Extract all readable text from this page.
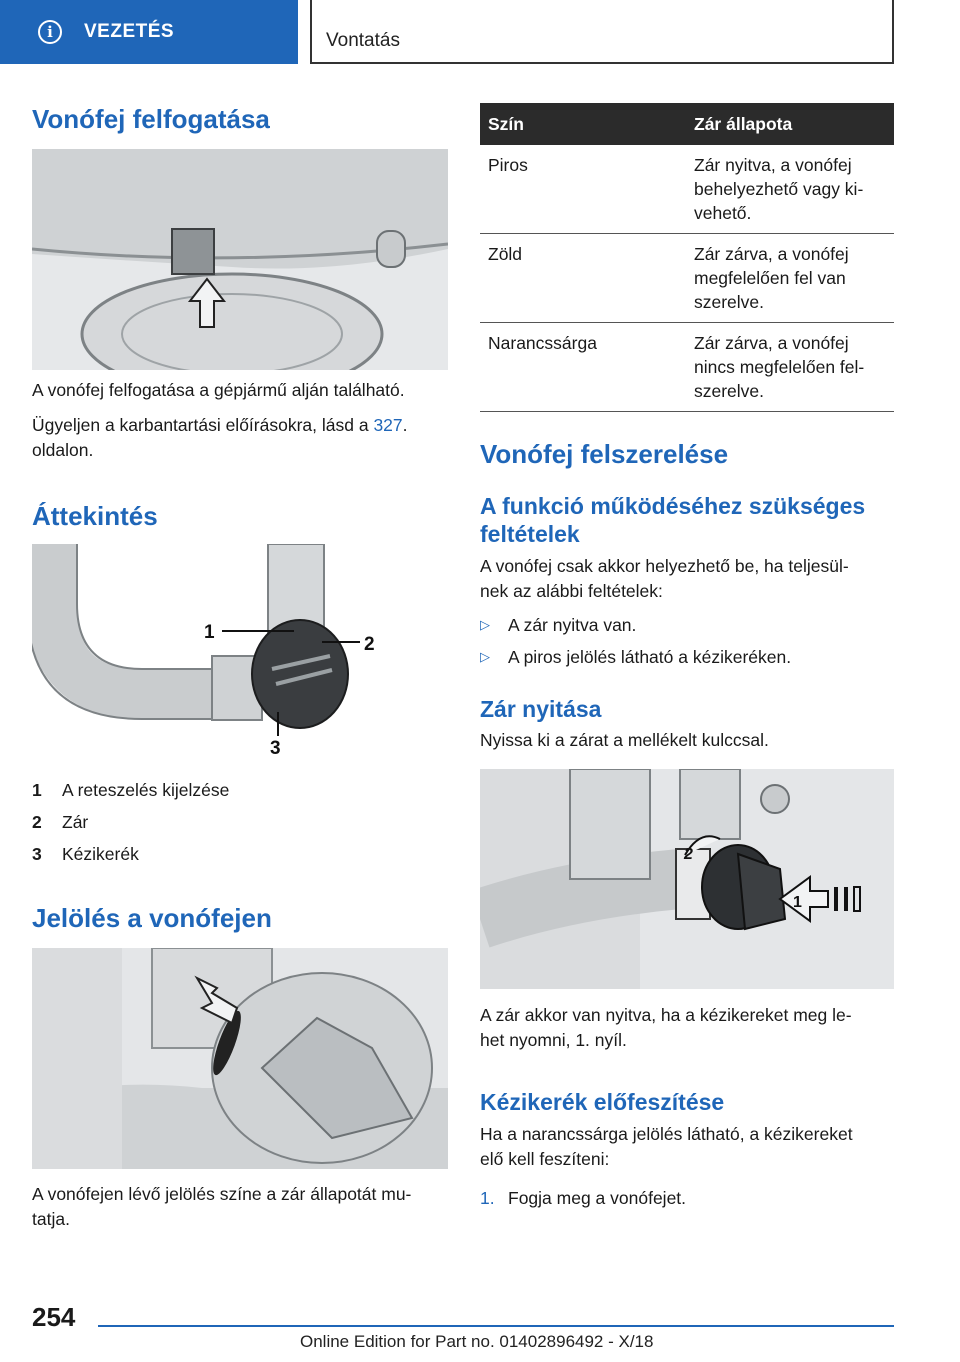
i	VEZETÉS	Vontatás
Vonófej felfogatása
A vonófej felfogatása a gépjármű alján található.
Ügyeljen a karbantartási előírásokra, lásd a 327.
oldalon.
Áttekintés
1
2
3
1	A reteszelés kijelzése
2	Zár
3	Kézikerék
Jelölés a vonófejen
A vonófejen lévő jelölés színe a zár állapotát mu-
tatja.
Szín	Zár állapota
Piros	Zár nyitva, a vonófej
behelyezhető vagy ki-
vehető.

Zöld	Zár zárva, a vonófej
megfelelően fel van
szerelve.

Narancssárga	Zár zárva, a vonófej
nincs megfelelően fel-
szerelve.
Vonófej felszerelése
A funkció működéséhez szükséges
feltételek
A vonófej csak akkor helyezhető be, ha teljesül-
nek az alábbi feltételek:
▷	A zár nyitva van.
▷	A piros jelölés látható a kézikeréken.
Zár nyitása
Nyissa ki a zárat a mellékelt kulccsal.
2
1
A zár akkor van nyitva, ha a kézikereket meg le-
het nyomni, 1. nyíl.
Kézikerék előfeszítése
Ha a narancssárga jelölés látható, a kézikereket
elő kell feszíteni:
1. Fogja meg a vonófejet.
254
Online Edition for Part no. 01402896492 - X/18
